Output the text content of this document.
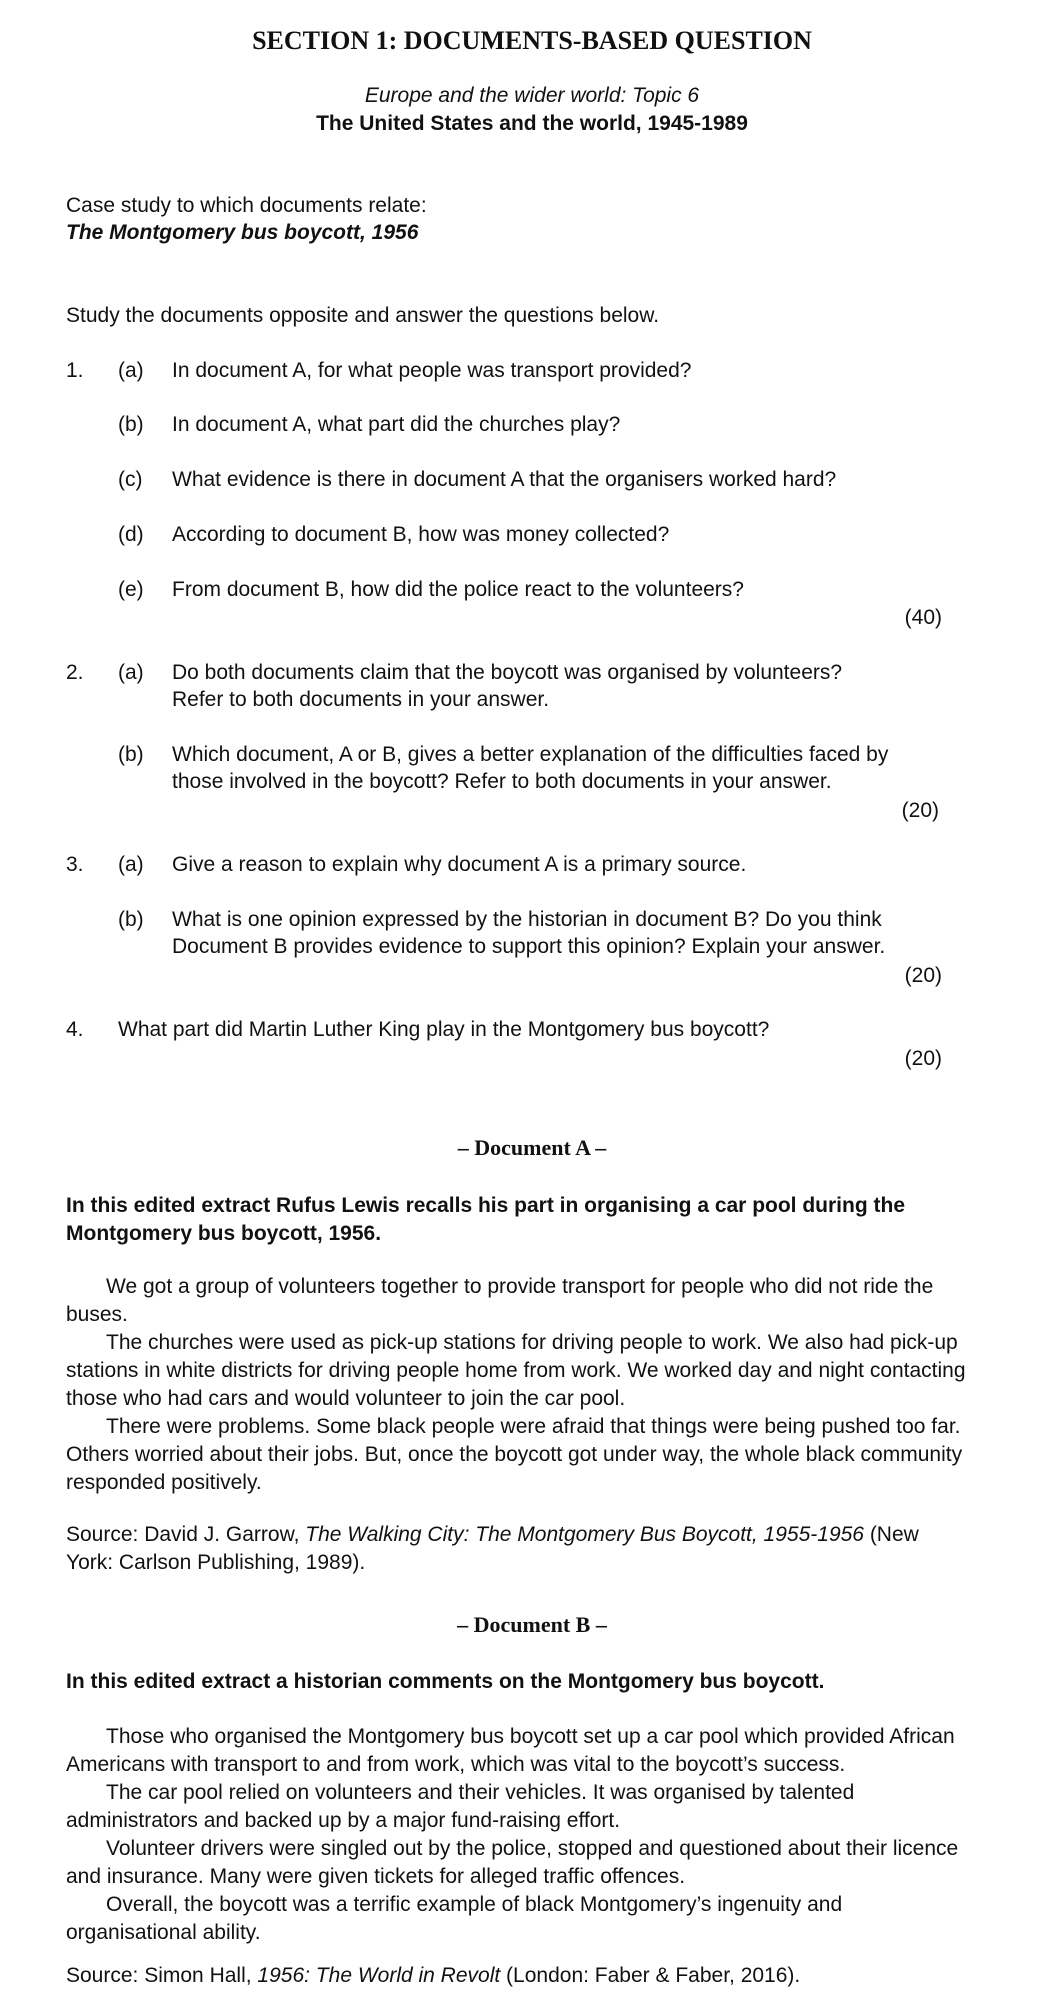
SECTION 1: DOCUMENTS-BASED QUESTION
Europe and the wider world: Topic 6
The United States and the world, 1945-1989
Case study to which documents relate:
The Montgomery bus boycott, 1956
Study the documents opposite and answer the questions below.
1. (a) In document A, for what people was transport provided?
(b) In document A, what part did the churches play?
(c) What evidence is there in document A that the organisers worked hard?
(d) According to document B, how was money collected?
(e) From document B, how did the police react to the volunteers?
(40)
2. (a) Do both documents claim that the boycott was organised by volunteers?
Refer to both documents in your answer.
(b) Which document, A or B, gives a better explanation of the difficulties faced by
those involved in the boycott? Refer to both documents in your answer.
(20)
3. (a) Give a reason to explain why document A is a primary source.
(b) What is one opinion expressed by the historian in document B? Do you think
Document B provides evidence to support this opinion? Explain your answer.
(20)
4. What part did Martin Luther King play in the Montgomery bus boycott?
(20)
– Document A –
In this edited extract Rufus Lewis recalls his part in organising a car pool during the Montgomery bus boycott, 1956.
We got a group of volunteers together to provide transport for people who did not ride the buses.
The churches were used as pick-up stations for driving people to work. We also had pick-up stations in white districts for driving people home from work. We worked day and night contacting those who had cars and would volunteer to join the car pool.
There were problems. Some black people were afraid that things were being pushed too far. Others worried about their jobs. But, once the boycott got under way, the whole black community responded positively.
Source: David J. Garrow, The Walking City: The Montgomery Bus Boycott, 1955-1956 (New York: Carlson Publishing, 1989).
– Document B –
In this edited extract a historian comments on the Montgomery bus boycott.
Those who organised the Montgomery bus boycott set up a car pool which provided African Americans with transport to and from work, which was vital to the boycott’s success.
The car pool relied on volunteers and their vehicles. It was organised by talented administrators and backed up by a major fund-raising effort.
Volunteer drivers were singled out by the police, stopped and questioned about their licence and insurance. Many were given tickets for alleged traffic offences.
Overall, the boycott was a terrific example of black Montgomery’s ingenuity and organisational ability.
Source: Simon Hall, 1956: The World in Revolt (London: Faber & Faber, 2016).
